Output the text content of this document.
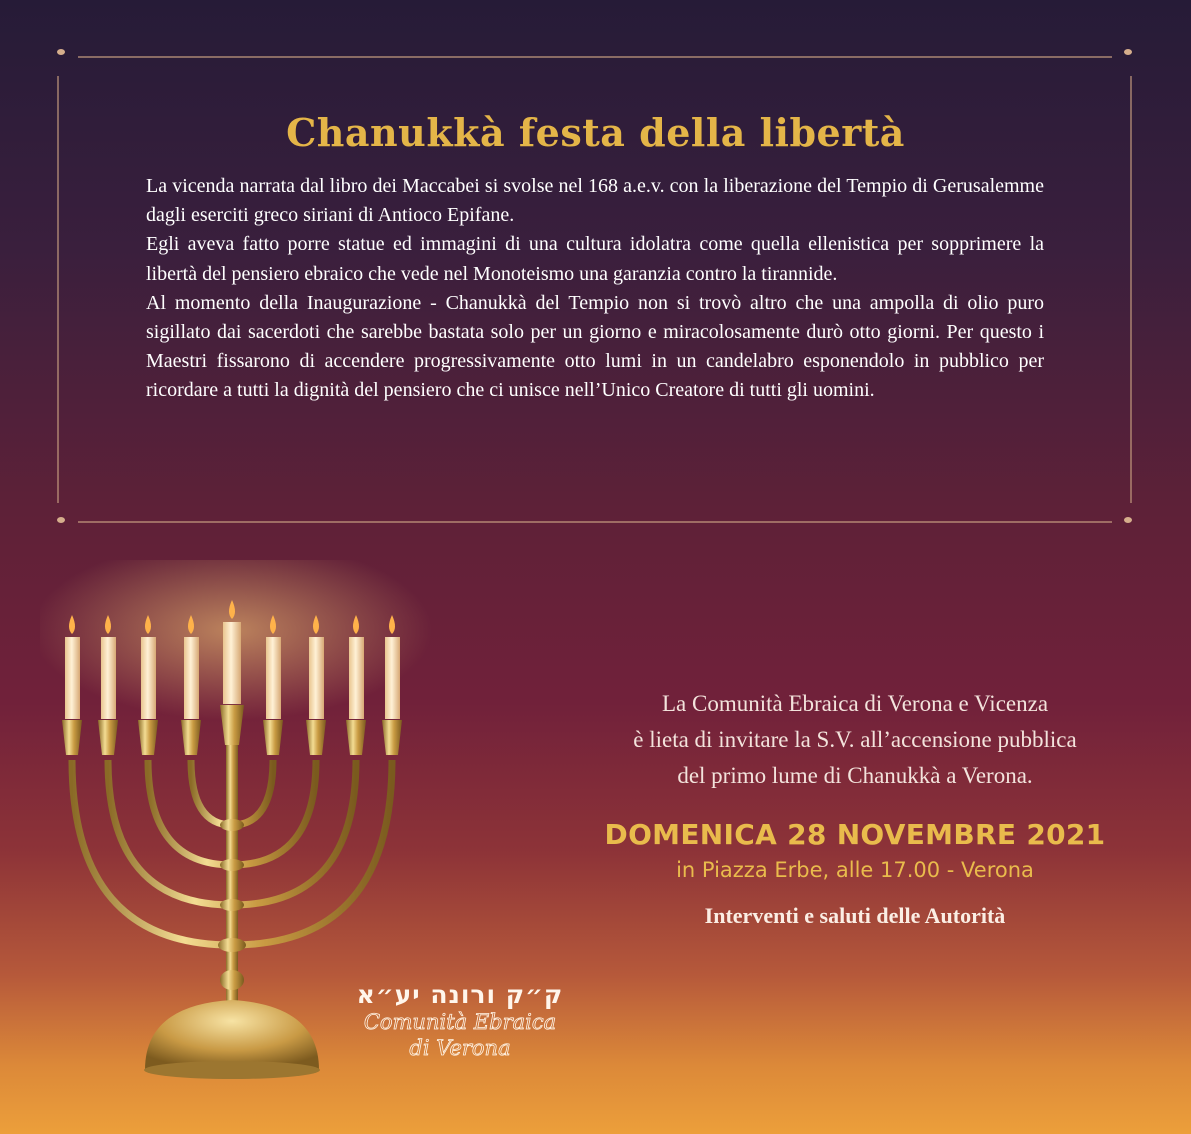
Chanukkà festa della libertà

La vicenda narrata dal libro dei Maccabei si svolse nel 168 a.e.v. con la liberazione del Tempio di Gerusalemme dagli eserciti greco siriani di Antioco Epifane.

Egli aveva fatto porre statue ed immagini di una cultura idolatra come quella ellenistica per sopprimere la libertà del pensiero ebraico che vede nel Monoteismo una garanzia contro la tirannide.

Al momento della Inaugurazione - Chanukkà del Tempio non si trovò altro che una ampolla di olio puro sigillato dai sacerdoti che sarebbe bastata solo per un giorno e miracolosamente durò otto giorni. Per questo i Maestri fissarono di accendere progressivamente otto lumi in un candelabro esponendolo in pubblico per ricordare a tutti la dignità del pensiero che ci unisce nell’Unico Creatore di tutti gli uomini.

La Comunità Ebraica di Verona e Vicenza
è lieta di invitare la S.V. all’accensione pubblica
del primo lume di Chanukkà a Verona.
DOMENICA 28 NOVEMBRE 2021
in Piazza Erbe, alle 17.00 - Verona
Interventi e saluti delle Autorità
ק״ק ורונה יע״א
Comunità Ebraica
di Verona
